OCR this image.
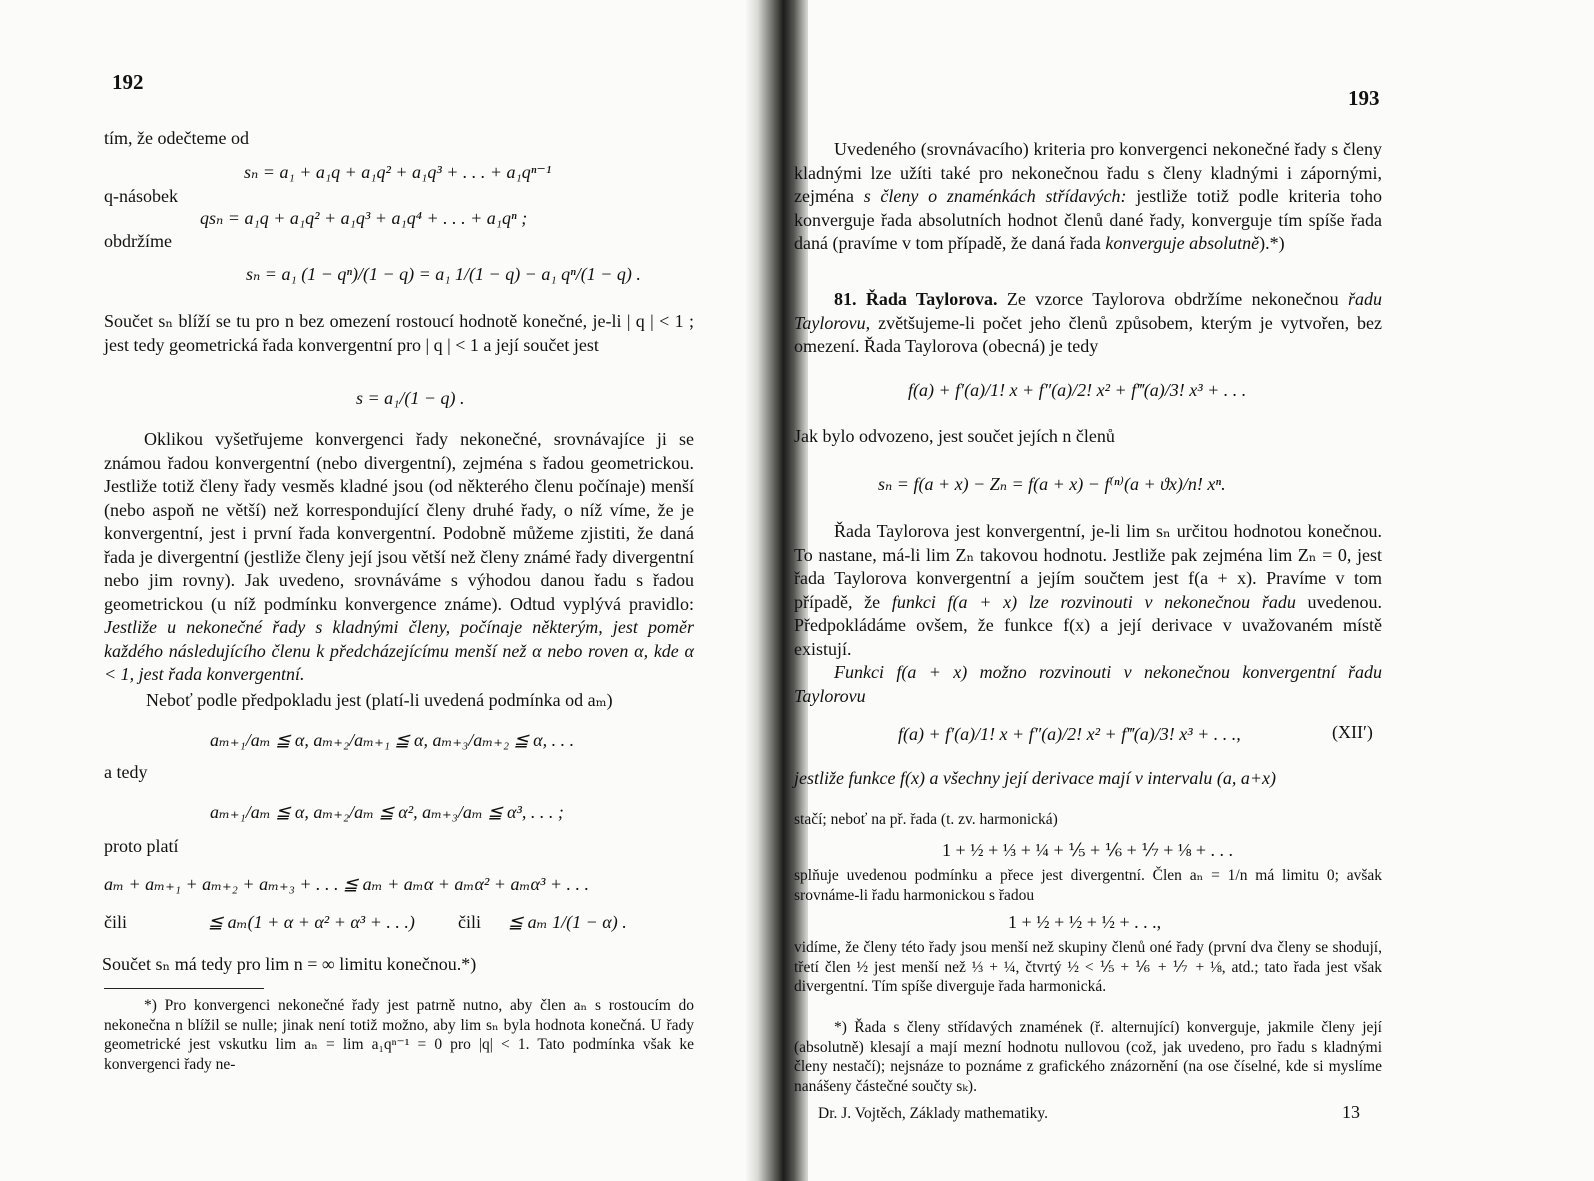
192
tím, že odečteme od
sₙ = a₁ + a₁q + a₁q² + a₁q³ + . . . + a₁qⁿ⁻¹
q-násobek
qsₙ = a₁q + a₁q² + a₁q³ + a₁q⁴ + . . . + a₁qⁿ ;
obdržíme
sₙ = a₁ (1 − qⁿ)/(1 − q) = a₁ 1/(1 − q) − a₁ qⁿ/(1 − q) .
Součet sₙ blíží se tu pro n bez omezení rostoucí hodnotě konečné, je-li | q | < 1 ; jest tedy geometrická řada konvergentní pro | q | < 1 a její součet jest
s = a₁/(1 − q) .

Oklikou vyšetřujeme konvergenci řady nekonečné, srovnávajíce ji se známou řadou konvergentní (nebo divergentní), zejména s řadou geometrickou. Jestliže totiž členy řady vesměs kladné jsou (od některého členu počínaje) menší (nebo aspoň ne větší) než korrespondující členy druhé řady, o níž víme, že je konvergentní, jest i první řada konvergentní. Podobně můžeme zjistiti, že daná řada je divergentní (jestliže členy její jsou větší než členy známé řady divergentní nebo jim rovny). Jak uvedeno, srovnáváme s výhodou danou řadu s řadou geometrickou (u níž podmínku konvergence známe). Odtud vyplývá pravidlo: Jestliže u nekonečné řady s kladnými členy, počínaje některým, jest poměr každého následujícího členu k předcházejícímu menší než α nebo roven α, kde α < 1, jest řada konvergentní.

Neboť podle předpokladu jest (platí-li uvedená podmínka od aₘ)
aₘ₊₁/aₘ ≦ α, aₘ₊₂/aₘ₊₁ ≦ α, aₘ₊₃/aₘ₊₂ ≦ α, . . .
a tedy
aₘ₊₁/aₘ ≦ α, aₘ₊₂/aₘ ≦ α², aₘ₊₃/aₘ ≦ α³, . . . ;
proto platí
aₘ + aₘ₊₁ + aₘ₊₂ + aₘ₊₃ + . . . ≦ aₘ + aₘα + aₘα² + aₘα³ + . . .
čili	≦ aₘ(1 + α + α² + α³ + . . .) čili ≦ aₘ 1/(1 − α) .
Součet sₙ má tedy pro lim n = ∞ limitu konečnou.*)

*) Pro konvergenci nekonečné řady jest patrně nutno, aby člen aₙ s rostoucím do nekonečna n blížil se nulle; jinak není totiž možno, aby lim sₙ byla hodnota konečná. U řady geometrické jest vskutku lim aₙ = lim a₁qⁿ⁻¹ = 0 pro |q| < 1. Tato podmínka však ke konvergenci řady ne-

193

Uvedeného (srovnávacího) kriteria pro konvergenci nekonečné řady s členy kladnými lze užíti také pro nekonečnou řadu s členy kladnými i zápornými, zejména s členy o znaménkách střídavých: jestliže totiž podle kriteria toho konverguje řada absolutních hodnot členů dané řady, konverguje tím spíše řada daná (pravíme v tom případě, že daná řada konverguje absolutně).*)

81. Řada Taylorova. Ze vzorce Taylorova obdržíme nekonečnou řadu Taylorovu, zvětšujeme-li počet jeho členů způsobem, kterým je vytvořen, bez omezení. Řada Taylorova (obecná) je tedy

f(a) + f′(a)/1! x + f″(a)/2! x² + f‴(a)/3! x³ + . . .
Jak bylo odvozeno, jest součet jejích n členů
sₙ = f(a + x) − Zₙ = f(a + x) − f⁽ⁿ⁾(a + ϑx)/n! xⁿ.

Řada Taylorova jest konvergentní, je-li lim sₙ určitou hodnotou konečnou. To nastane, má-li lim Zₙ takovou hodnotu. Jestliže pak zejména lim Zₙ = 0, jest řada Taylorova konvergentní a jejím součtem jest f(a + x). Pravíme v tom případě, že funkci f(a + x) lze rozvinouti v nekonečnou řadu uvedenou. Předpokládáme ovšem, že funkce f(x) a její derivace v uvažovaném místě existují.

Funkci f(a + x) možno rozvinouti v nekonečnou konvergentní řadu Taylorovu

f(a) + f′(a)/1! x + f″(a)/2! x² + f‴(a)/3! x³ + . . .,	(XII′)
jestliže funkce f(x) a všechny její derivace mají v intervalu (a, a+x)
stačí; neboť na př. řada (t. zv. harmonická)
1 + ½ + ⅓ + ¼ + ⅕ + ⅙ + ⅐ + ⅛ + . . .
splňuje uvedenou podmínku a přece jest divergentní. Člen aₙ = 1/n má limitu 0; avšak srovnáme-li řadu harmonickou s řadou
1 + ½ + ½ + ½ + . . .,
vidíme, že členy této řady jsou menší než skupiny členů oné řady (první dva členy se shodují, třetí člen ½ jest menší než ⅓ + ¼, čtvrtý ½ < ⅕ + ⅙ + ⅐ + ⅛, atd.; tato řada jest však divergentní. Tím spíše diverguje řada harmonická.

*) Řada s členy střídavých znamének (ř. alternující) konverguje, jakmile členy její (absolutně) klesají a mají mezní hodnotu nullovou (což, jak uvedeno, pro řadu s kladnými členy nestačí); nejsnáze to poznáme z grafického znázornění (na ose číselné, kde si myslíme nanášeny částečné součty sₖ).

Dr. J. Vojtěch, Základy mathematiky.	13
